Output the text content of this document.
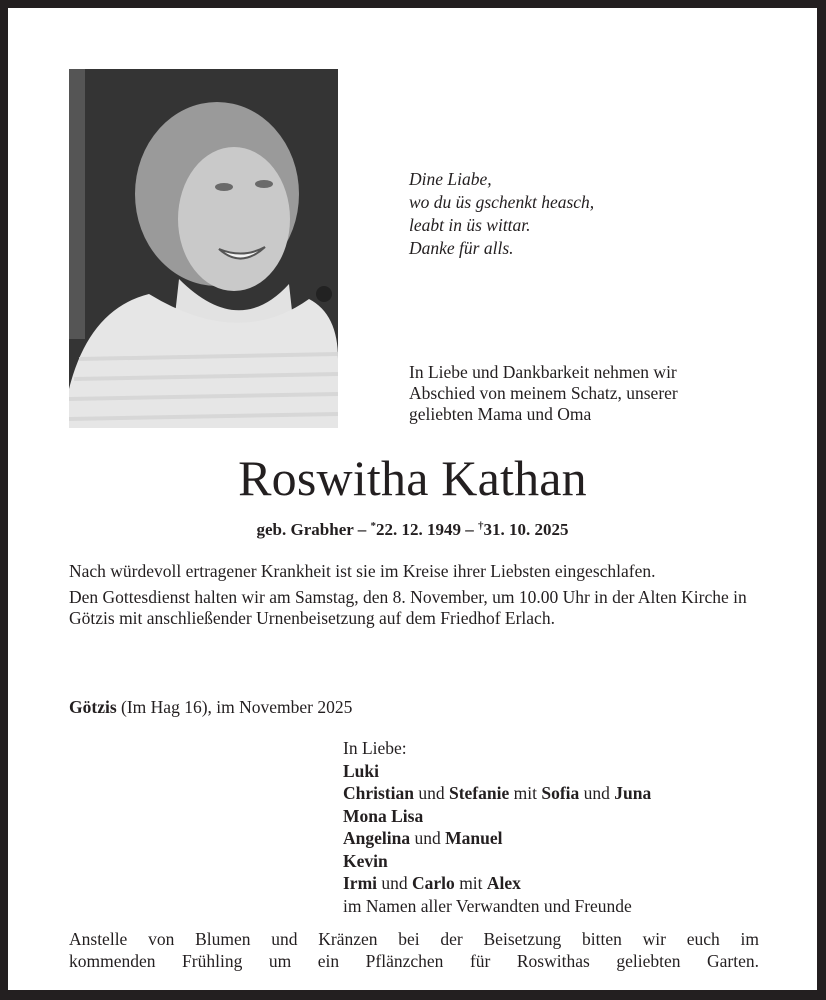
Dine Liabe,
wo du üs gschenkt heasch,
leabt in üs wittar.
Danke für alls.
In Liebe und Dankbarkeit nehmen wir
Abschied von meinem Schatz, unserer
geliebten Mama und Oma
Roswitha Kathan
geb. Grabher – *22. 12. 1949 – †31. 10. 2025

Nach würdevoll ertragener Krankheit ist sie im Kreise ihrer Liebsten eingeschlafen.

Den Gottesdienst halten wir am Samstag, den 8. November, um 10.00 Uhr in der Alten Kirche in Götzis mit anschließender Urnenbeisetzung auf dem Friedhof Erlach.

Götzis (Im Hag 16), im November 2025
In Liebe:
Luki
Christian und Stefanie mit Sofia und Juna
Mona Lisa
Angelina und Manuel
Kevin
Irmi und Carlo mit Alex
im Namen aller Verwandten und Freunde
Anstelle von Blumen und Kränzen bei der Beisetzung bitten wir euch im
kommenden Frühling um ein Pflänzchen für Roswithas geliebten Garten.
